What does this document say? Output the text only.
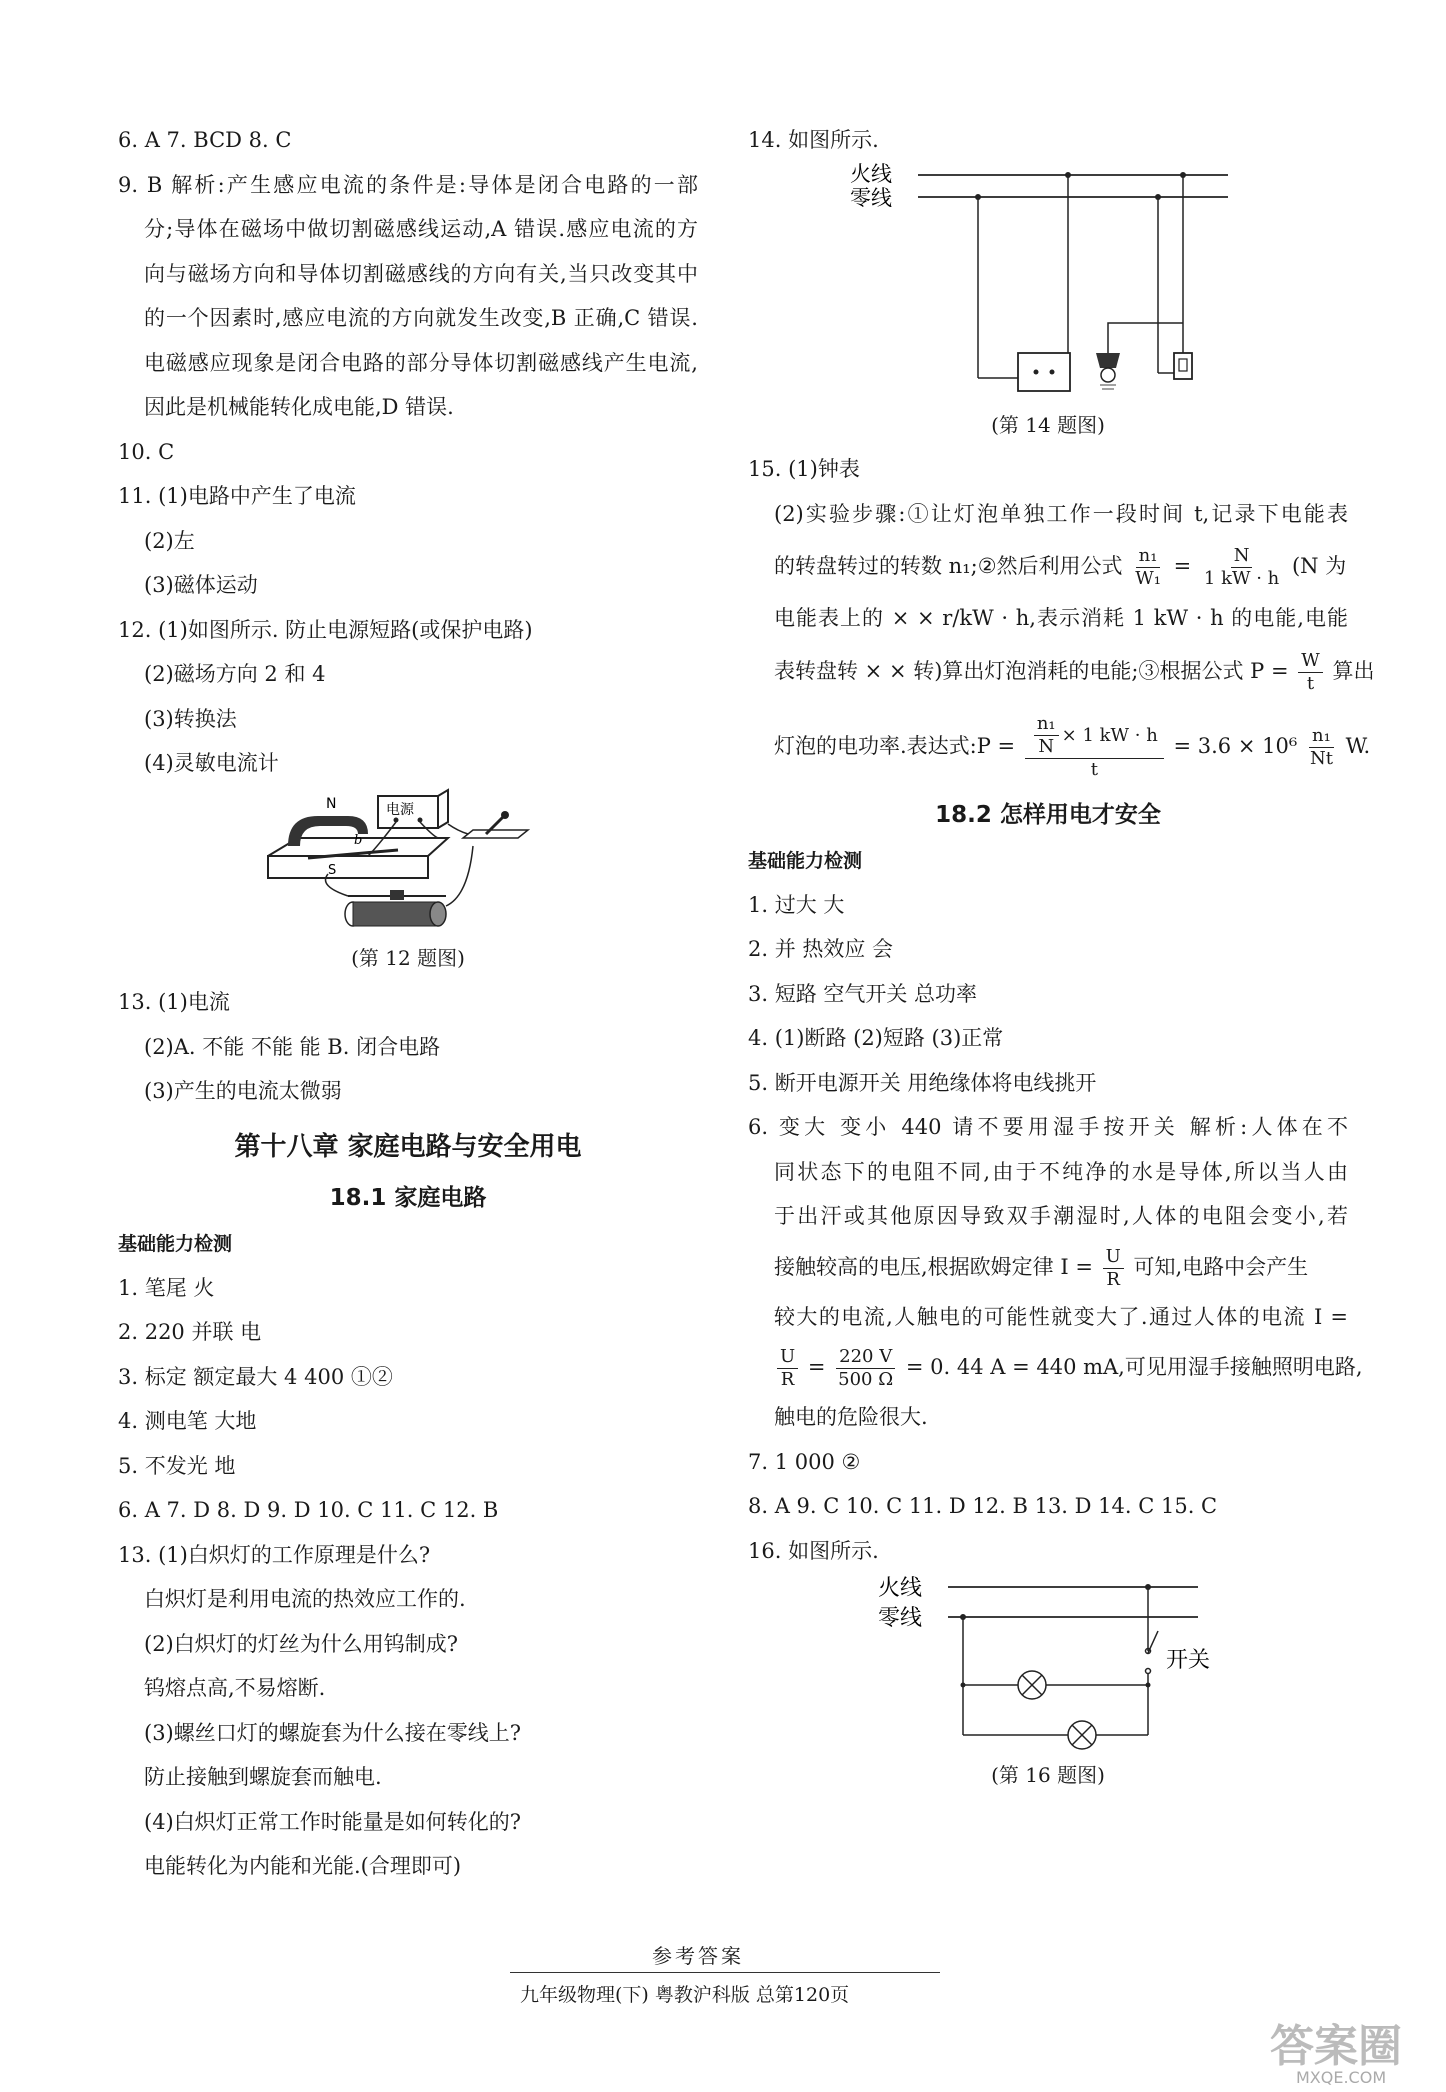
6. A 7. BCD 8. C
9. B 解析:产生感应电流的条件是:导体是闭合电路的一部
分;导体在磁场中做切割磁感线运动,A 错误.感应电流的方
向与磁场方向和导体切割磁感线的方向有关,当只改变其中
的一个因素时,感应电流的方向就发生改变,B 正确,C 错误.
电磁感应现象是闭合电路的部分导体切割磁感线产生电流,
因此是机械能转化成电能,D 错误.
10. C
11. (1)电路中产生了电流
(2)左
(3)磁体运动
12. (1)如图所示. 防止电源短路(或保护电路)
(2)磁场方向 2 和 4
(3)转换法
(4)灵敏电流计
N
S
b
电源
(第 12 题图)
13. (1)电流
(2)A. 不能 不能 能 B. 闭合电路
(3)产生的电流太微弱
第十八章 家庭电路与安全用电
18.1 家庭电路
基础能力检测
1. 笔尾 火
2. 220 并联 电
3. 标定 额定最大 4 400 ①②
4. 测电笔 大地
5. 不发光 地
6. A 7. D 8. D 9. D 10. C 11. C 12. B
13. (1)白炽灯的工作原理是什么?
白炽灯是利用电流的热效应工作的.
(2)白炽灯的灯丝为什么用钨制成?
钨熔点高,不易熔断.
(3)螺丝口灯的螺旋套为什么接在零线上?
防止接触到螺旋套而触电.
(4)白炽灯正常工作时能量是如何转化的?
电能转化为内能和光能.(合理即可)
14. 如图所示.
火线
零线
(第 14 题图)
15. (1)钟表
(2)实验步骤:①让灯泡单独工作一段时间 t,记录下电能表
的转盘转过的转数 n₁;②然后利用公式 $\frac{\text{n₁}}{\text{W₁}} = \frac{N}{1 kW \cdot h} (N$ 为
电能表上的 × × r/kW · h,表示消耗 1 kW · h 的电能,电能
表转盘转 × × 转)算出灯泡消耗的电能;③根据公式 $P = \frac{W}{t}$ 算出
灯泡的电功率.表达式:P = $\frac{\frac{\text{n₁}}{N} \times 1 kW \cdot h}{t} = 3.6 \times 10^6 \frac{\text{n₁}}{Nt} W$.
18.2 怎样用电才安全
基础能力检测
1. 过大 大
2. 并 热效应 会
3. 短路 空气开关 总功率
4. (1)断路 (2)短路 (3)正常
5. 断开电源开关 用绝缘体将电线挑开
6. 变大 变小 440 请不要用湿手按开关 解析:人体在不
同状态下的电阻不同,由于不纯净的水是导体,所以当人由
于出汗或其他原因导致双手潮湿时,人体的电阻会变小,若
接触较高的电压,根据欧姆定律 $I = \frac{U}{R}$ 可知,电路中会产生
较大的电流,人触电的可能性就变大了.通过人体的电流 I =
$\frac{U}{R} = \frac{220 V}{500 \Omega} = 0$. 44 A = 440 mA,可见用湿手接触照明电路,
触电的危险很大.
7. 1 000 ②
8. A 9. C 10. C 11. D 12. B 13. D 14. C 15. C
16. 如图所示.
火线
零线
开关
(第 16 题图)
参考答案
九年级物理(下) 粤教沪科版 总第120页
答案圈
MXQE.COM
